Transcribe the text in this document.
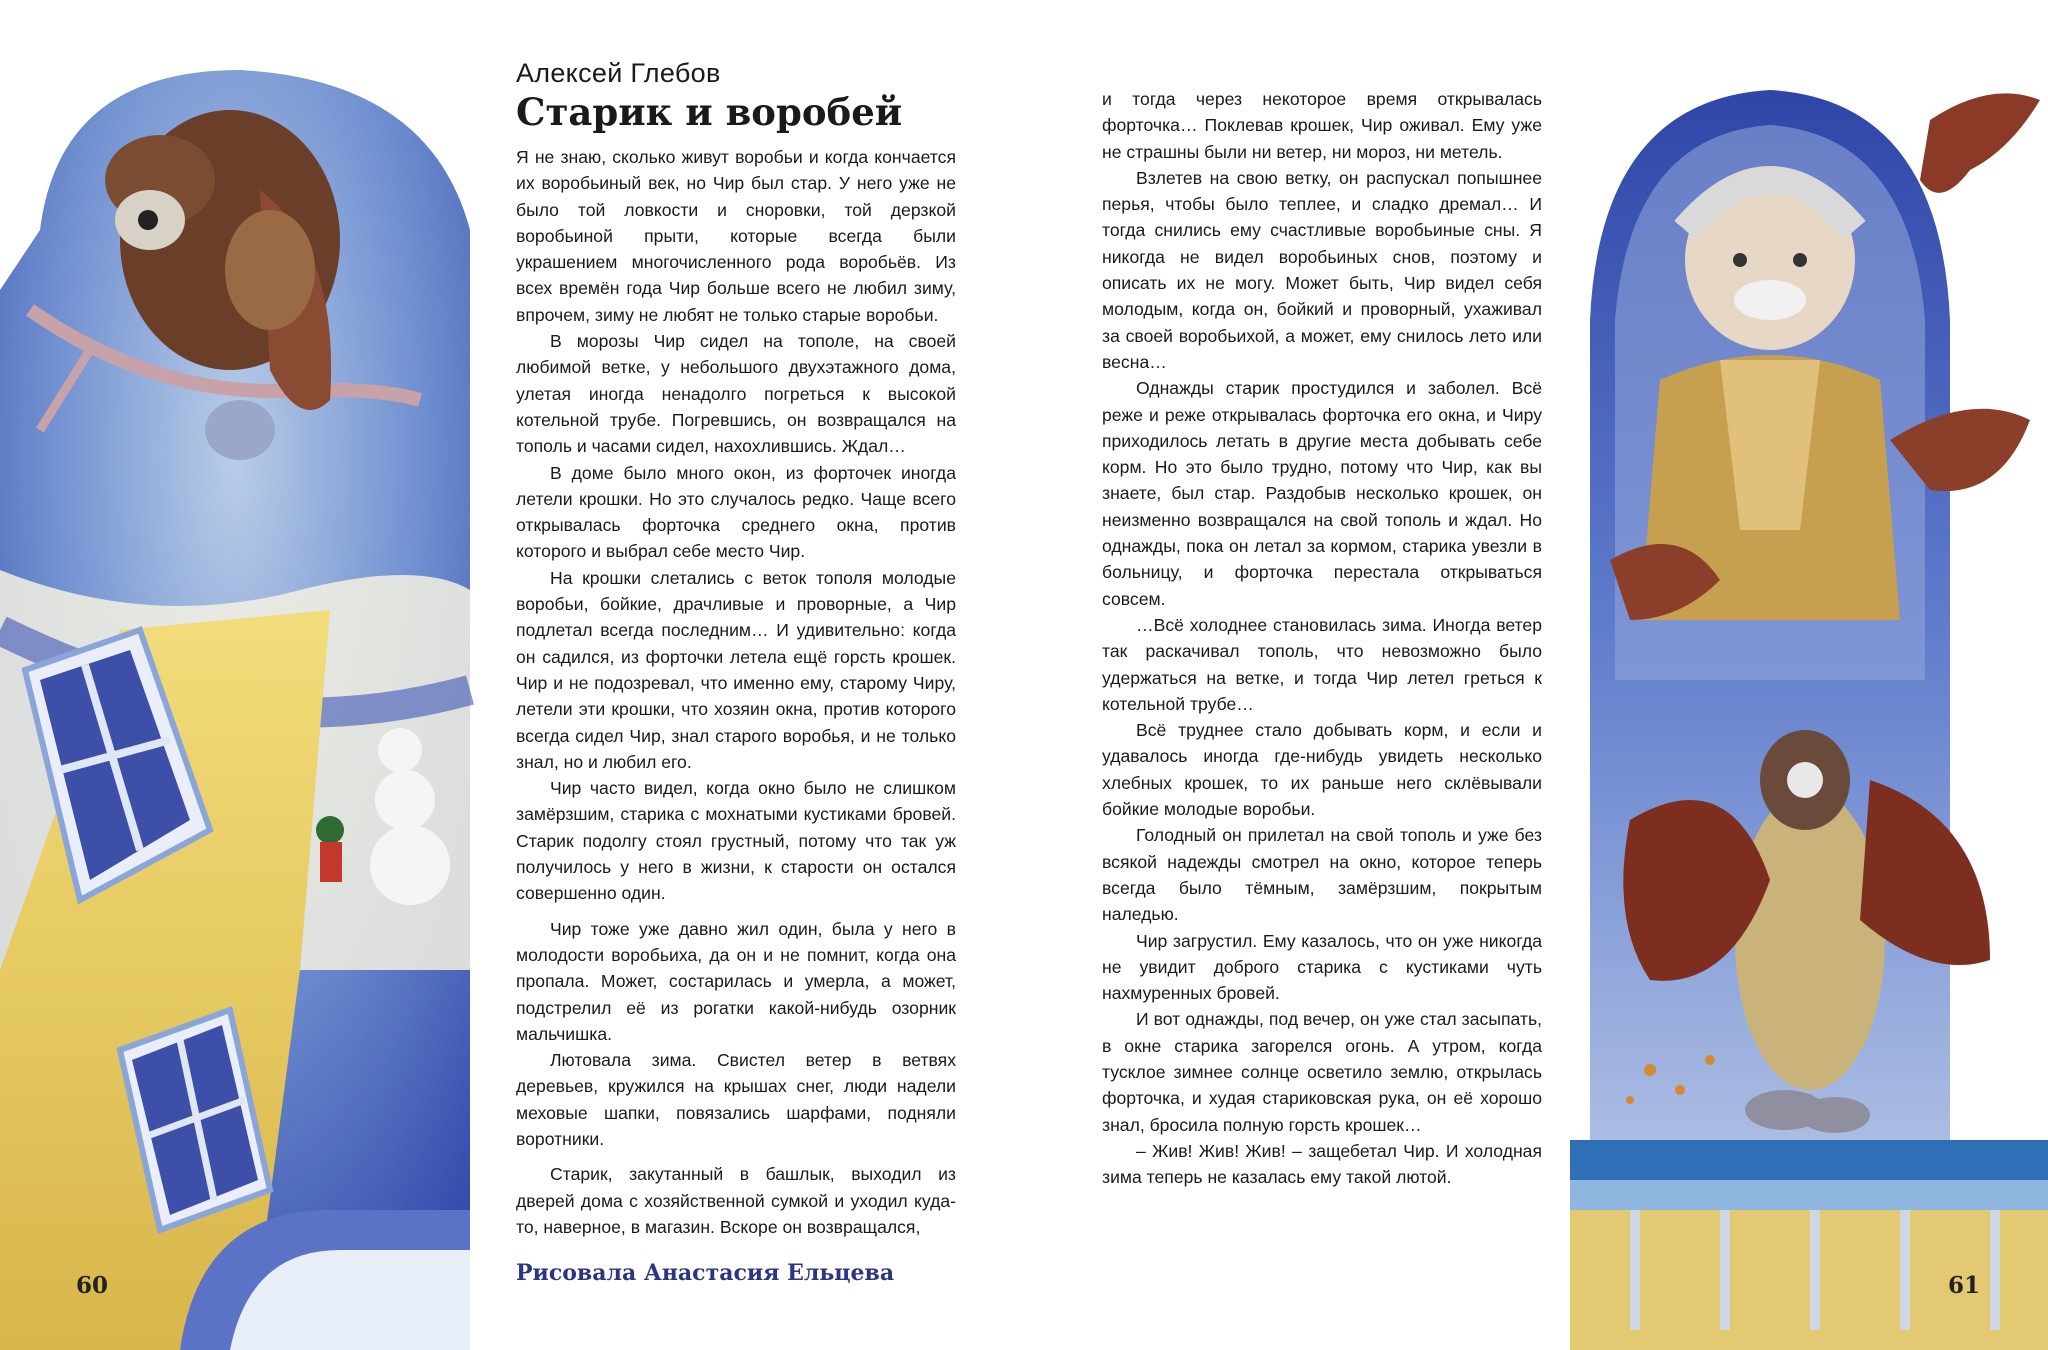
Алексей Глебов

Старик и воробей

Я не знаю, сколько живут воробьи и когда кончается их воробьиный век, но Чир был стар. У него уже не было той ловкости и сноровки, той дерзкой воробьиной прыти, которые всегда были украшением многочисленного рода воробьёв. Из всех времён года Чир больше всего не любил зиму, впрочем, зиму не любят не только старые воробьи.

В морозы Чир сидел на тополе, на своей любимой ветке, у небольшого двухэтажного дома, улетая иногда ненадолго погреться к высокой котельной трубе. Погревшись, он возвращался на тополь и часами сидел, нахохлившись. Ждал…

В доме было много окон, из форточек иногда летели крошки. Но это случалось редко. Чаще всего открывалась форточка среднего окна, против которого и выбрал себе место Чир.

На крошки слетались с веток тополя молодые воробьи, бойкие, драчливые и проворные, а Чир подлетал всегда последним… И удивительно: когда он садился, из форточки летела ещё горсть крошек. Чир и не подозревал, что именно ему, старому Чиру, летели эти крошки, что хозяин окна, против которого всегда сидел Чир, знал старого воробья, и не только знал, но и любил его.

Чир часто видел, когда окно было не слишком замёрзшим, старика с мохнатыми кустиками бровей. Старик подолгу стоял грустный, потому что так уж получилось у него в жизни, к старости он остался совершенно один.

Чир тоже уже давно жил один, была у него в молодости воробьиха, да он и не помнит, когда она пропала. Может, состарилась и умерла, а может, подстрелил её из рогатки какой-нибудь озорник мальчишка.

Лютовала зима. Свистел ветер в ветвях деревьев, кружился на крышах снег, люди надели меховые шапки, повязались шарфами, подняли воротники.

Старик, закутанный в башлык, выходил из дверей дома с хозяйственной сумкой и уходил куда-то, наверное, в магазин. Вскоре он возвращался,

и тогда через некоторое время открывалась форточка… Поклевав крошек, Чир оживал. Ему уже не страшны были ни ветер, ни мороз, ни метель.

Взлетев на свою ветку, он распускал попышнее перья, чтобы было теплее, и сладко дремал… И тогда снились ему счастливые воробьиные сны. Я никогда не видел воробьиных снов, поэтому и описать их не могу. Может быть, Чир видел себя молодым, когда он, бойкий и проворный, ухаживал за своей воробьихой, а может, ему снилось лето или весна…

Однажды старик простудился и заболел. Всё реже и реже открывалась форточка его окна, и Чиру приходилось летать в другие места добывать себе корм. Но это было трудно, потому что Чир, как вы знаете, был стар. Раздобыв несколько крошек, он неизменно возвращался на свой тополь и ждал. Но однажды, пока он летал за кормом, старика увезли в больницу, и форточка перестала открываться совсем.

…Всё холоднее становилась зима. Иногда ветер так раскачивал тополь, что невозможно было удержаться на ветке, и тогда Чир летел греться к котельной трубе…

Всё труднее стало добывать корм, и если и удавалось иногда где-нибудь увидеть несколько хлебных крошек, то их раньше него склёвывали бойкие молодые воробьи.

Голодный он прилетал на свой тополь и уже без всякой надежды смотрел на окно, которое теперь всегда было тёмным, замёрзшим, покрытым наледью.

Чир загрустил. Ему казалось, что он уже никогда не увидит доброго старика с кустиками чуть нахмуренных бровей.

И вот однажды, под вечер, он уже стал засыпать, в окне старика загорелся огонь. А утром, когда тусклое зимнее солнце осветило землю, открылась форточка, и худая стариковская рука, он её хорошо знал, бросила полную горсть крошек…

– Жив! Жив! Жив! – защебетал Чир. И холодная зима теперь не казалась ему такой лютой.

60	Рисовала Анастасия Ельцева	61
